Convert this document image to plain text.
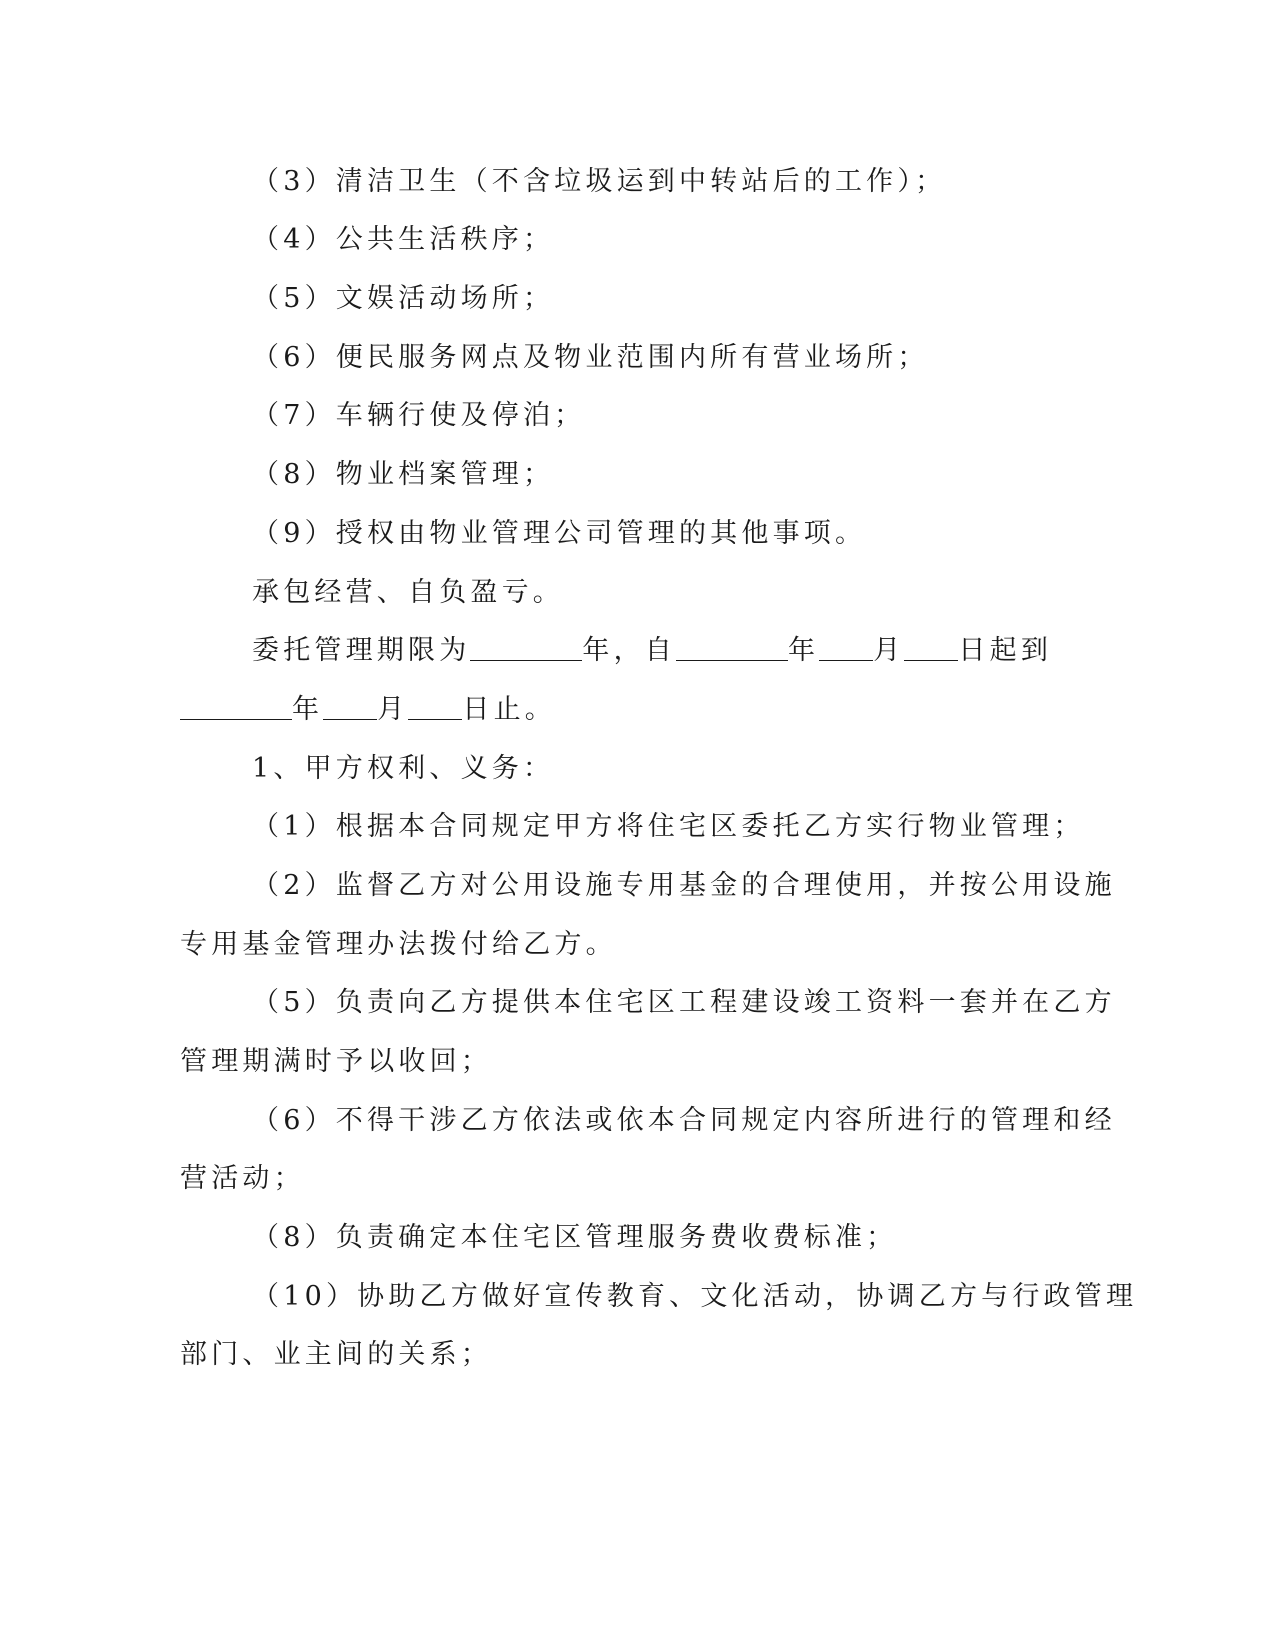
（3）清洁卫生（不含垃圾运到中转站后的工作）；
（4）公共生活秩序；
（5）文娱活动场所；
（6）便民服务网点及物业范围内所有营业场所；
（7）车辆行使及停泊；
（8）物业档案管理；
（9）授权由物业管理公司管理的其他事项。
承包经营、自负盈亏。
委托管理期限为	年，自	年 月 日起到
年 月 日止。
1、甲方权利、义务：
（1）根据本合同规定甲方将住宅区委托乙方实行物业管理；
（2）监督乙方对公用设施专用基金的合理使用，并按公用设施
专用基金管理办法拨付给乙方。
（5）负责向乙方提供本住宅区工程建设竣工资料一套并在乙方
管理期满时予以收回；
（6）不得干涉乙方依法或依本合同规定内容所进行的管理和经
营活动；
（8）负责确定本住宅区管理服务费收费标准；
（10）协助乙方做好宣传教育、文化活动，协调乙方与行政管理
部门、业主间的关系；
